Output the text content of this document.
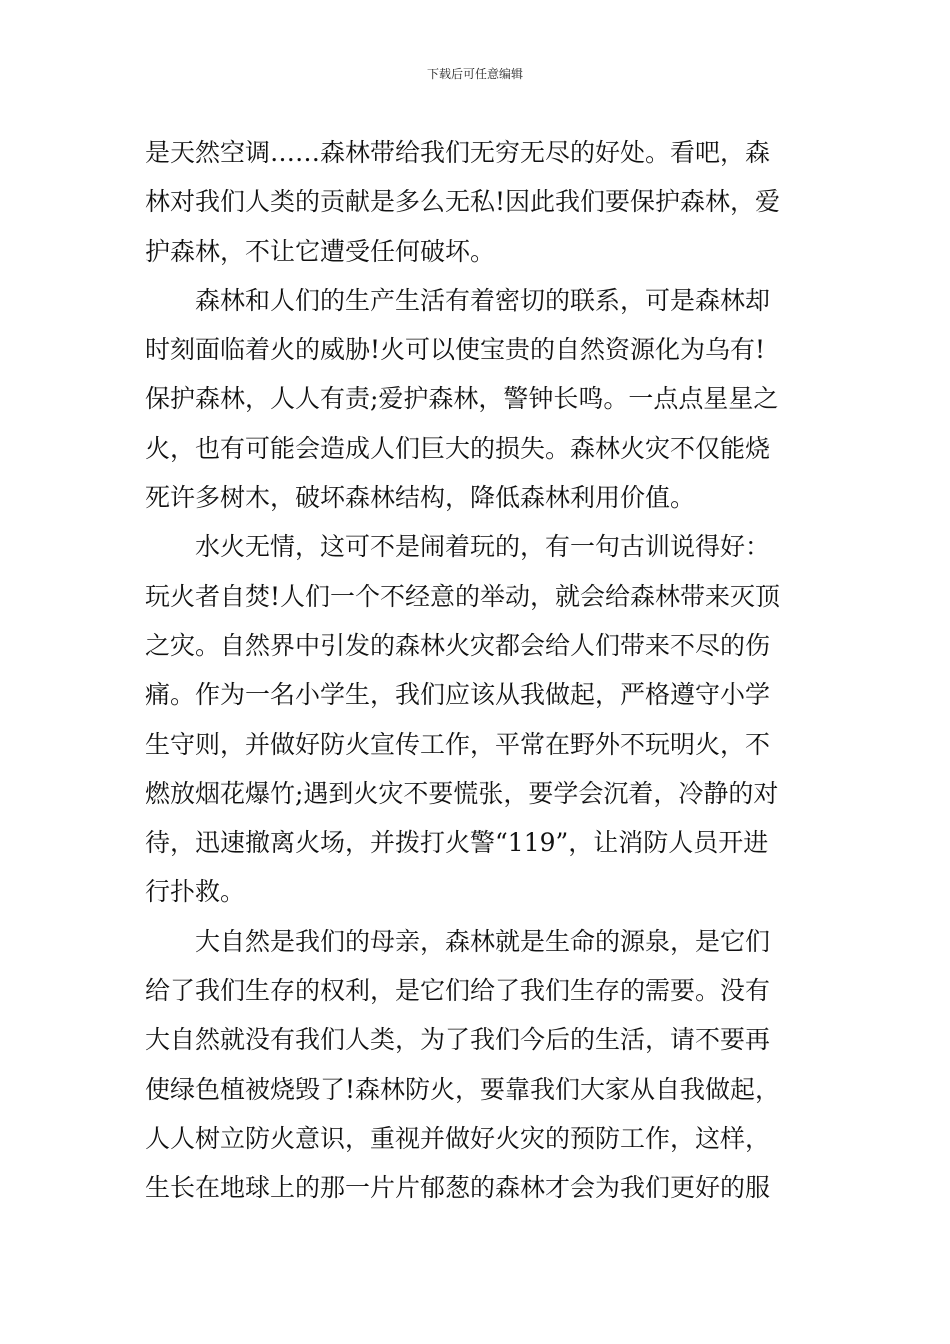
下载后可任意编辑
是天然空调……森林带给我们无穷无尽的好处。看吧，森
林对我们人类的贡献是多么无私!因此我们要保护森林，爱
护森林，不让它遭受任何破坏。
森林和人们的生产生活有着密切的联系，可是森林却
时刻面临着火的威胁!火可以使宝贵的自然资源化为乌有!
保护森林，人人有责;爱护森林，警钟长鸣。一点点星星之
火，也有可能会造成人们巨大的损失。森林火灾不仅能烧
死许多树木，破坏森林结构，降低森林利用价值。
水火无情，这可不是闹着玩的，有一句古训说得好：
玩火者自焚!人们一个不经意的举动，就会给森林带来灭顶
之灾。自然界中引发的森林火灾都会给人们带来不尽的伤
痛。作为一名小学生，我们应该从我做起，严格遵守小学
生守则，并做好防火宣传工作，平常在野外不玩明火，不
燃放烟花爆竹;遇到火灾不要慌张，要学会沉着，冷静的对
待，迅速撤离火场，并拨打火警“119”，让消防人员开进
行扑救。
大自然是我们的母亲，森林就是生命的源泉，是它们
给了我们生存的权利，是它们给了我们生存的需要。没有
大自然就没有我们人类，为了我们今后的生活，请不要再
使绿色植被烧毁了!森林防火，要靠我们大家从自我做起，
人人树立防火意识，重视并做好火灾的预防工作，这样，
生长在地球上的那一片片郁葱的森林才会为我们更好的服
